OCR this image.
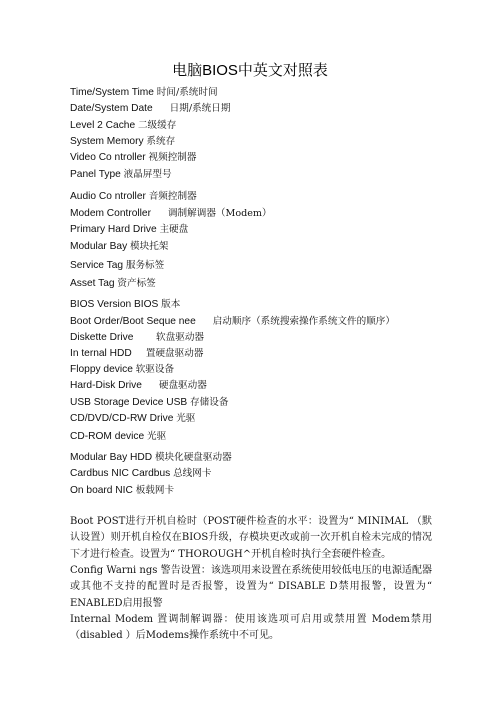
电脑BIOS中英文对照表
Time/System Time 时间/系统时间
Date/System Date      日期/系统日期
Level 2 Cache 二级缓存
System Memory 系统存
Video Co ntroller 视频控制器
Panel Type 液晶屏型号
Audio Co ntroller 音频控制器
Modem Controller      调制解调器（Modem）
Primary Hard Drive 主硬盘
Modular Bay 模块托架
Service Tag 服务标签
Asset Tag 资产标签
BIOS Version BIOS 版本
Boot Order/Boot Seque nee      启动顺序（系统搜索操作系统文件的顺序）
Diskette Drive        软盘驱动器
In ternal HDD     置硬盘驱动器
Floppy device 软驱设备
Hard-Disk Drive      硬盘驱动器
USB Storage Device USB 存储设备
CD/DVD/CD-RW Drive 光驱
CD-ROM device 光驱
Modular Bay HDD 模块化硬盘驱动器
Cardbus NIC Cardbus 总线网卡
On board NIC 板载网卡
Boot POST进行开机自检时（POST硬件检查的水平：设置为“ MINIMAL （默认设置）则开机自检仅在BIOS升级，存模块更改或前一次开机自检未完成的情况下才进行检查。设置为“ THOROUGH^开机自检时执行全套硬件检查。
Config Warni ngs 警告设置：该选项用来设置在系统使用较低电压的电源适配器或其他不支持的配置时是否报警，设置为“ DISABLE D禁用报警，设置为“ ENABLED启用报警
Internal Modem 置调制解调器：使用该选项可启用或禁用置 Modem禁用（disabled ）后Modems操作系统中不可见。
